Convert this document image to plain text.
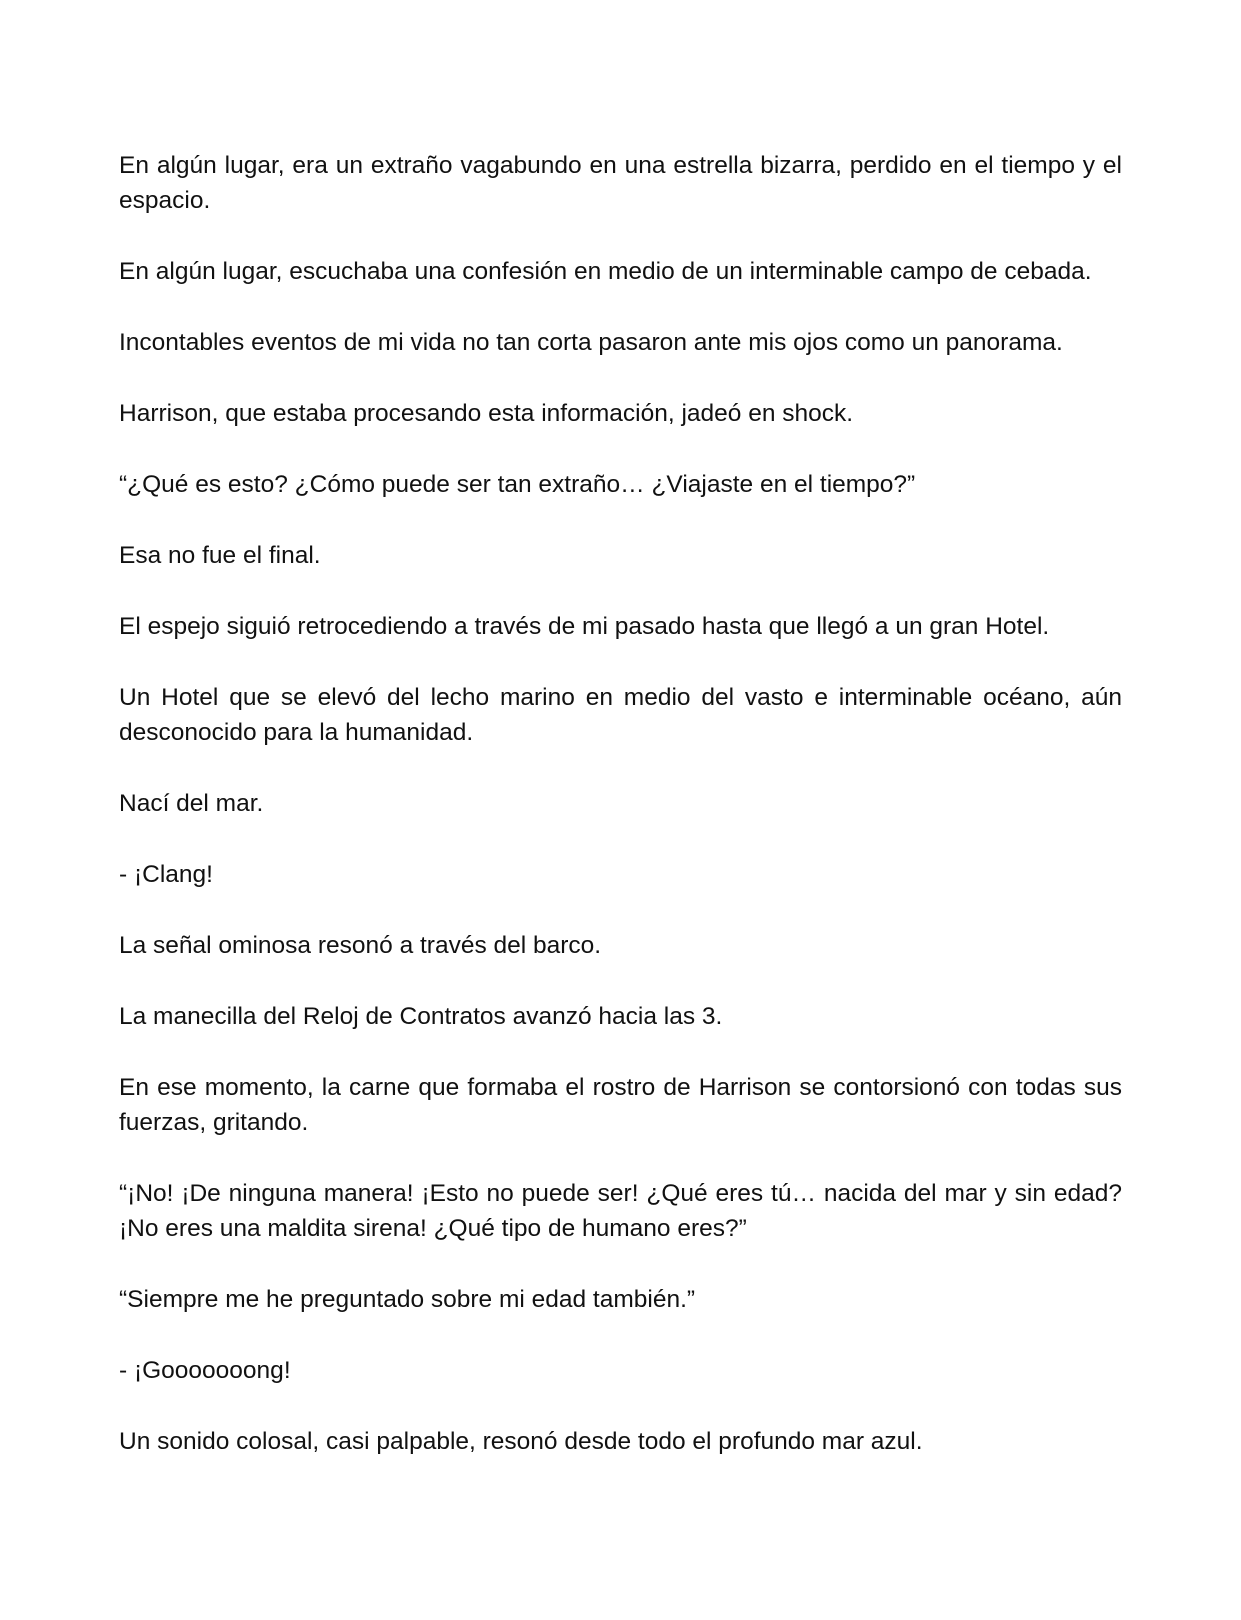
En algún lugar, era un extraño vagabundo en una estrella bizarra, perdido en el tiempo y el espacio.

En algún lugar, escuchaba una confesión en medio de un interminable campo de cebada.

Incontables eventos de mi vida no tan corta pasaron ante mis ojos como un panorama.

Harrison, que estaba procesando esta información, jadeó en shock.

“¿Qué es esto? ¿Cómo puede ser tan extraño… ¿Viajaste en el tiempo?”

Esa no fue el final.

El espejo siguió retrocediendo a través de mi pasado hasta que llegó a un gran Hotel.

Un Hotel que se elevó del lecho marino en medio del vasto e interminable océano, aún desconocido para la humanidad.

Nací del mar.

- ¡Clang!

La señal ominosa resonó a través del barco.

La manecilla del Reloj de Contratos avanzó hacia las 3.

En ese momento, la carne que formaba el rostro de Harrison se contorsionó con todas sus fuerzas, gritando.

“¡No! ¡De ninguna manera! ¡Esto no puede ser! ¿Qué eres tú… nacida del mar y sin edad? ¡No eres una maldita sirena! ¿Qué tipo de humano eres?”

“Siempre me he preguntado sobre mi edad también.”

- ¡Gooooooong!

Un sonido colosal, casi palpable, resonó desde todo el profundo mar azul.
